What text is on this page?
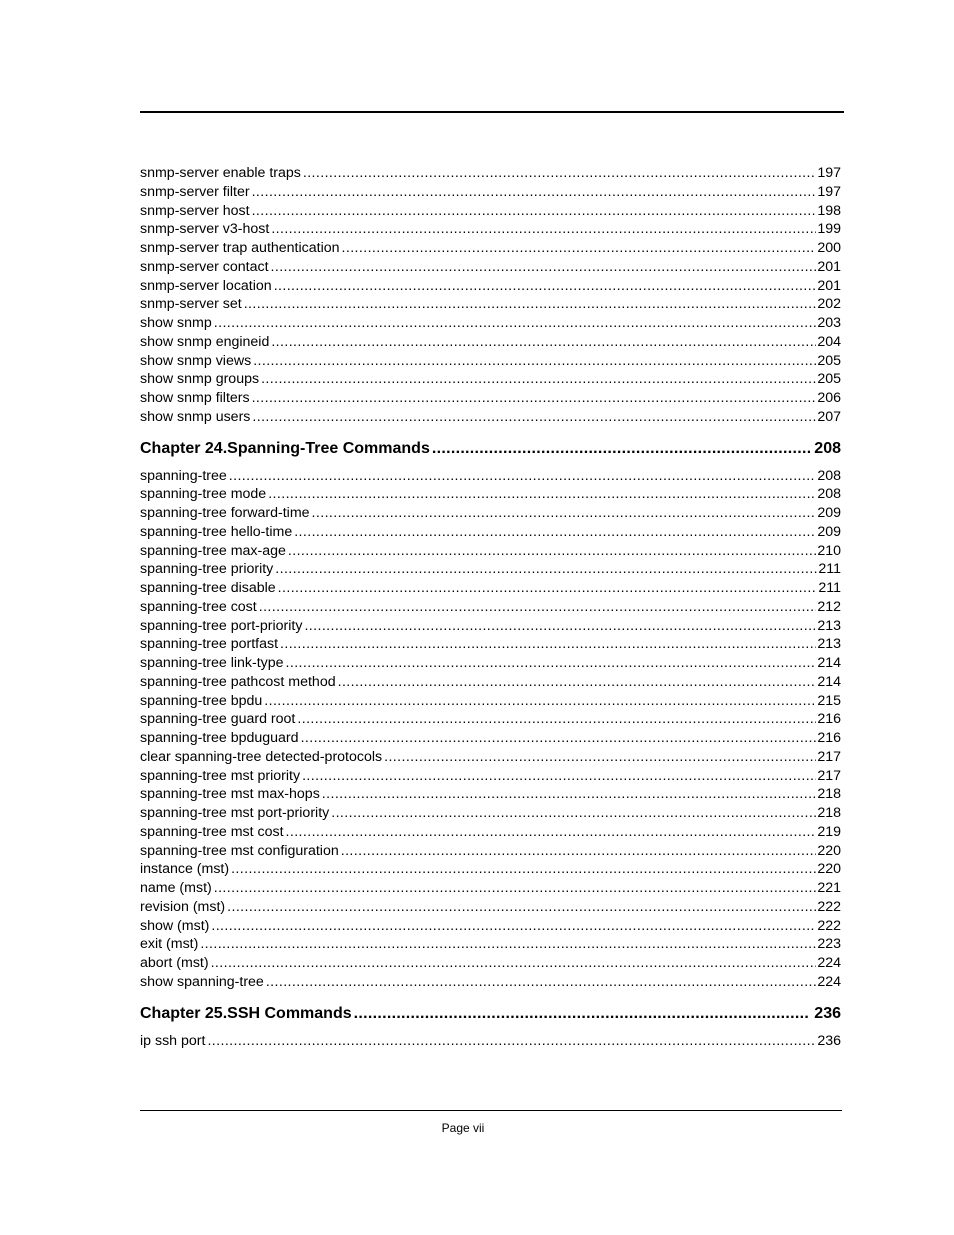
snmp-server enable traps .....	197
snmp-server filter .....	197
snmp-server host .....	198
snmp-server v3-host .....	199
snmp-server trap authentication .....	200
snmp-server contact .....	201
snmp-server location .....	201
snmp-server set .....	202
show snmp .....	203
show snmp engineid .....	204
show snmp views .....	205
show snmp groups .....	205
show snmp filters .....	206
show snmp users .....	207
Chapter 24.Spanning-Tree Commands .....	208
spanning-tree .....	208
spanning-tree mode .....	208
spanning-tree forward-time .....	209
spanning-tree hello-time .....	209
spanning-tree max-age .....	210
spanning-tree priority .....	211
spanning-tree disable .....	211
spanning-tree cost .....	212
spanning-tree port-priority .....	213
spanning-tree portfast .....	213
spanning-tree link-type .....	214
spanning-tree pathcost method .....	214
spanning-tree bpdu .....	215
spanning-tree guard root .....	216
spanning-tree bpduguard .....	216
clear spanning-tree detected-protocols .....	217
spanning-tree mst priority .....	217
spanning-tree mst max-hops .....	218
spanning-tree mst port-priority .....	218
spanning-tree mst cost .....	219
spanning-tree mst configuration .....	220
instance (mst) .....	220
name (mst) .....	221
revision (mst) .....	222
show (mst) .....	222
exit (mst) .....	223
abort (mst) .....	224
show spanning-tree .....	224
Chapter 25.SSH Commands .....	236
ip ssh port .....	236
Page vii
